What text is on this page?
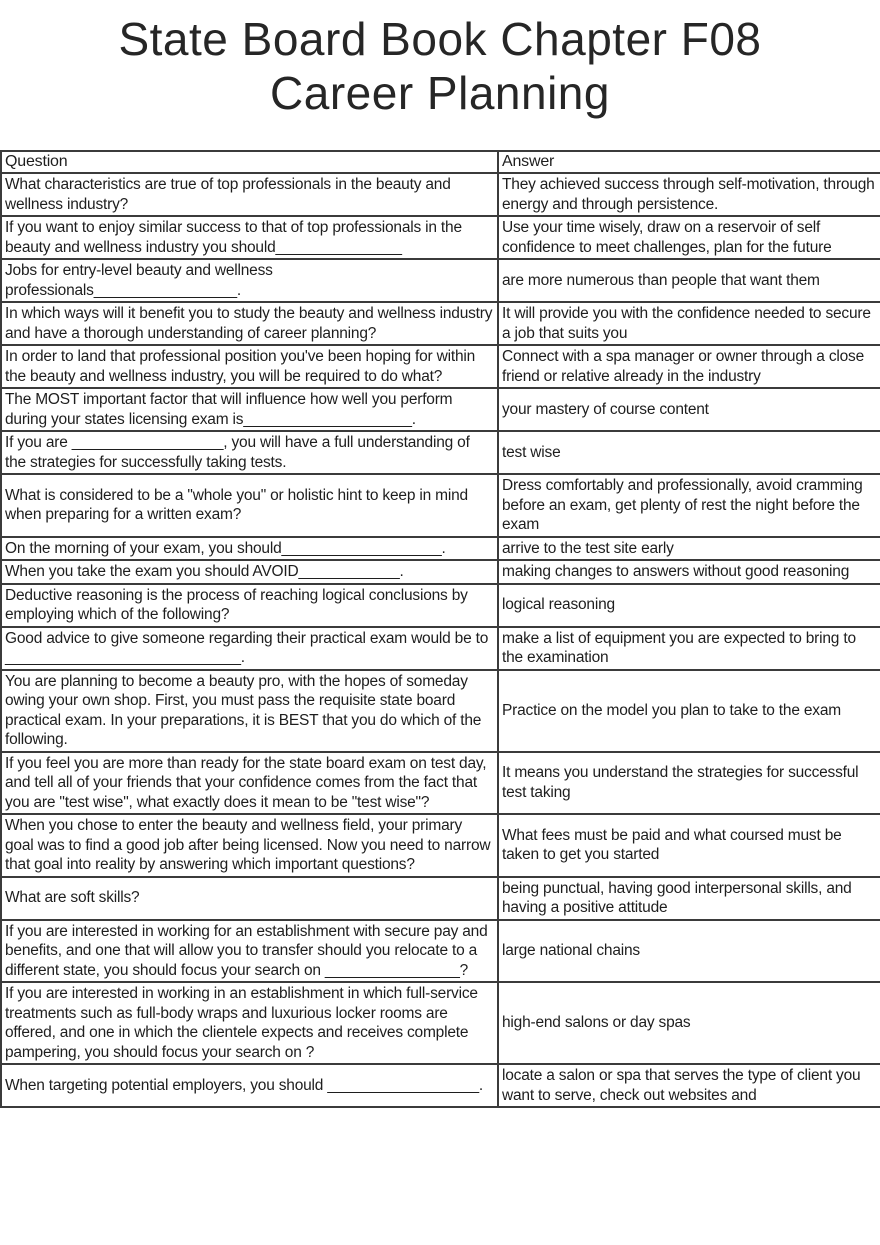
State Board Book Chapter F08
Career Planning
Question	Answer
What characteristics are true of top professionals in the beauty and wellness industry?	They achieved success through self-motivation, through energy and through persistence.
If you want to enjoy similar success to that of top professionals in the beauty and wellness industry you should_______________	Use your time wisely, draw on a reservoir of self confidence to meet challenges, plan for the future
Jobs for entry-level beauty and wellness professionals_________________.	are more numerous than people that want them
In which ways will it benefit you to study the beauty and wellness industry and have a thorough understanding of career planning?	It will provide you with the confidence needed to secure a job that suits you
In order to land that professional position you've been hoping for within the beauty and wellness industry, you will be required to do what?	Connect with a spa manager or owner through a close friend or relative already in the industry
The MOST important factor that will influence how well you perform during your states licensing exam is____________________.	your mastery of course content
If you are __________________, you will have a full understanding of the strategies for successfully taking tests.	test wise
What is considered to be a "whole you" or holistic hint to keep in mind when preparing for a written exam?	Dress comfortably and professionally, avoid cramming before an exam, get plenty of rest the night before the exam
On the morning of your exam, you should___________________.	arrive to the test site early
When you take the exam you should AVOID____________.	making changes to answers without good reasoning
Deductive reasoning is the process of reaching logical conclusions by employing which of the following?	logical reasoning
Good advice to give someone regarding their practical exam would be to ____________________________.	make a list of equipment you are expected to bring to the examination
You are planning to become a beauty pro, with the hopes of someday owing your own shop. First, you must pass the requisite state board practical exam. In your preparations, it is BEST that you do which of the following.	Practice on the model you plan to take to the exam
If you feel you are more than ready for the state board exam on test day, and tell all of your friends that your confidence comes from the fact that you are "test wise", what exactly does it mean to be "test wise"?	It means you understand the strategies for successful test taking
When you chose to enter the beauty and wellness field, your primary goal was to find a good job after being licensed. Now you need to narrow that goal into reality by answering which important questions?	What fees must be paid and what coursed must be taken to get you started
What are soft skills?	being punctual, having good interpersonal skills, and having a positive attitude
If you are interested in working for an establishment with secure pay and benefits, and one that will allow you to transfer should you relocate to a different state, you should focus your search on ________________?	large national chains
If you are interested in working in an establishment in which full-service treatments such as full-body wraps and luxurious locker rooms are offered, and one in which the clientele expects and receives complete pampering, you should focus your search on ?	high-end salons or day spas
When targeting potential employers, you should __________________.	locate a salon or spa that serves the type of client you want to serve, check out websites and
